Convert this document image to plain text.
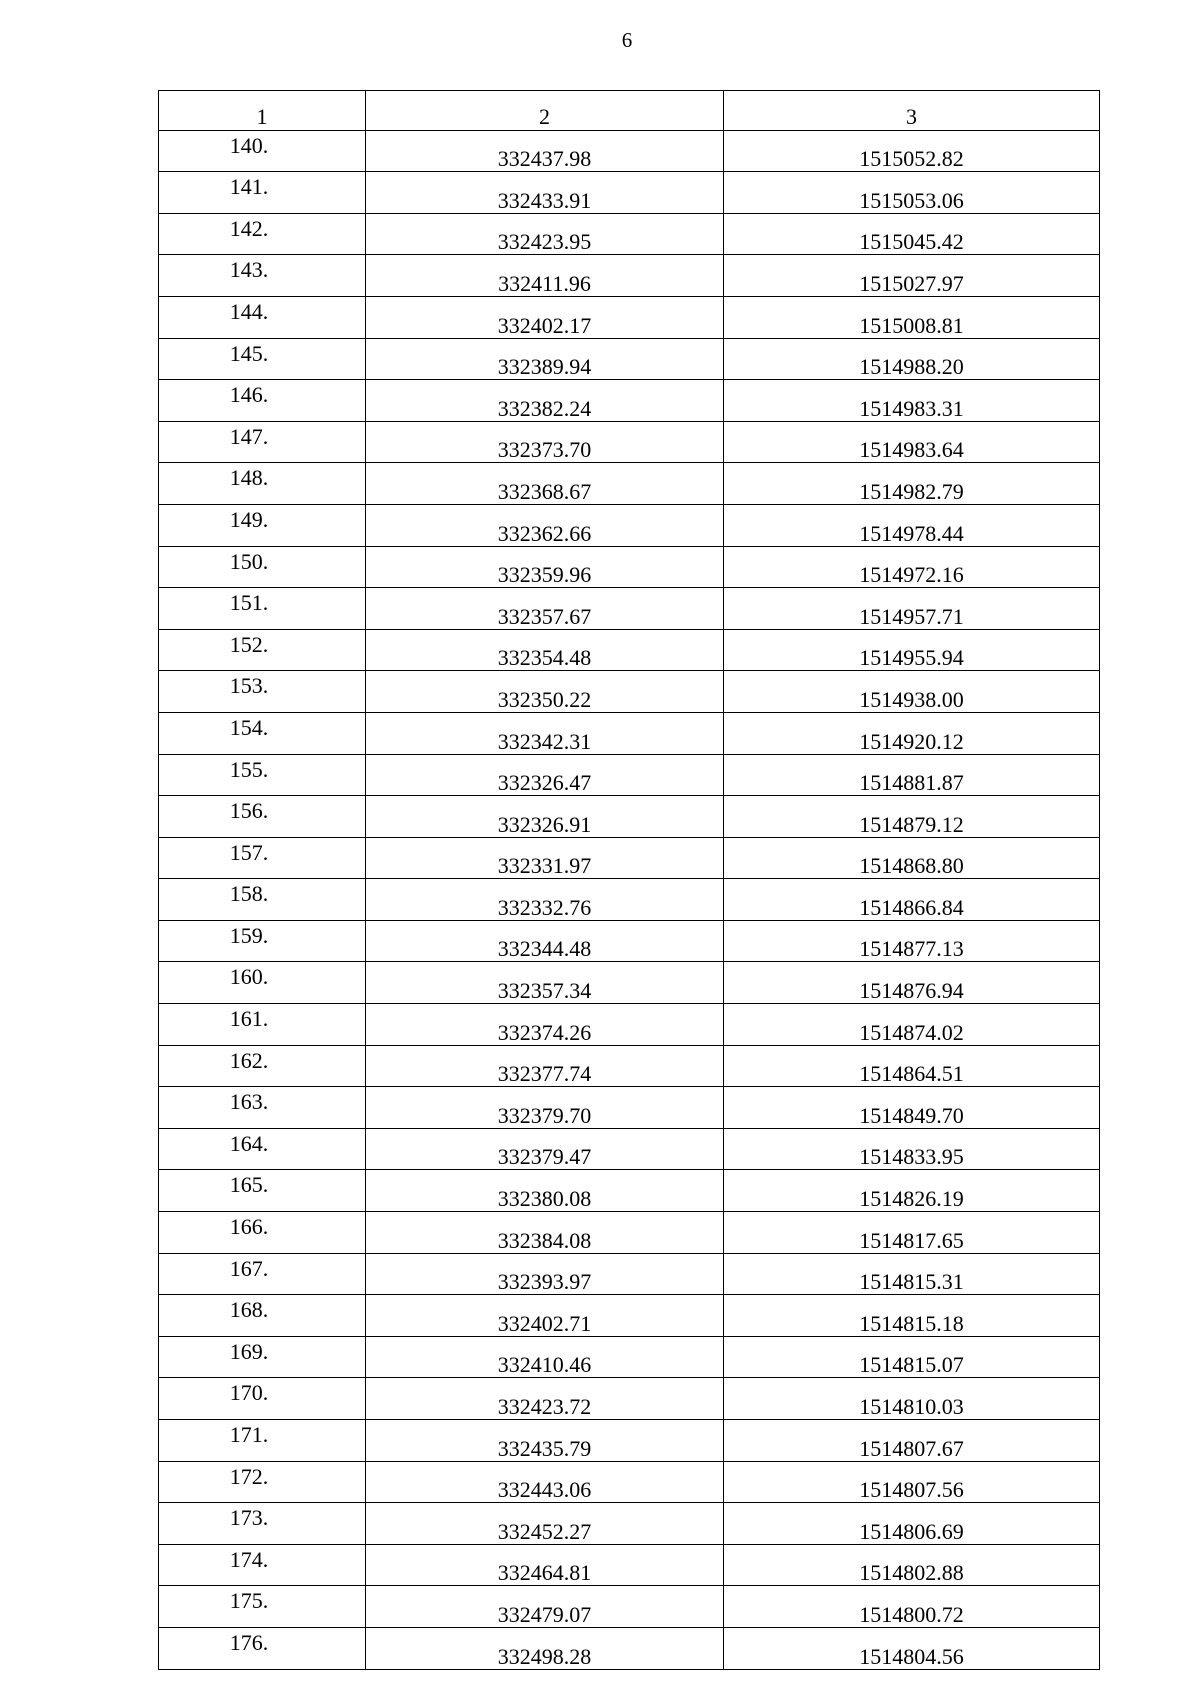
6
1	2	3
140.	332437.98	1515052.82
141.	332433.91	1515053.06
142.	332423.95	1515045.42
143.	332411.96	1515027.97
144.	332402.17	1515008.81
145.	332389.94	1514988.20
146.	332382.24	1514983.31
147.	332373.70	1514983.64
148.	332368.67	1514982.79
149.	332362.66	1514978.44
150.	332359.96	1514972.16
151.	332357.67	1514957.71
152.	332354.48	1514955.94
153.	332350.22	1514938.00
154.	332342.31	1514920.12
155.	332326.47	1514881.87
156.	332326.91	1514879.12
157.	332331.97	1514868.80
158.	332332.76	1514866.84
159.	332344.48	1514877.13
160.	332357.34	1514876.94
161.	332374.26	1514874.02
162.	332377.74	1514864.51
163.	332379.70	1514849.70
164.	332379.47	1514833.95
165.	332380.08	1514826.19
166.	332384.08	1514817.65
167.	332393.97	1514815.31
168.	332402.71	1514815.18
169.	332410.46	1514815.07
170.	332423.72	1514810.03
171.	332435.79	1514807.67
172.	332443.06	1514807.56
173.	332452.27	1514806.69
174.	332464.81	1514802.88
175.	332479.07	1514800.72
176.	332498.28	1514804.56
